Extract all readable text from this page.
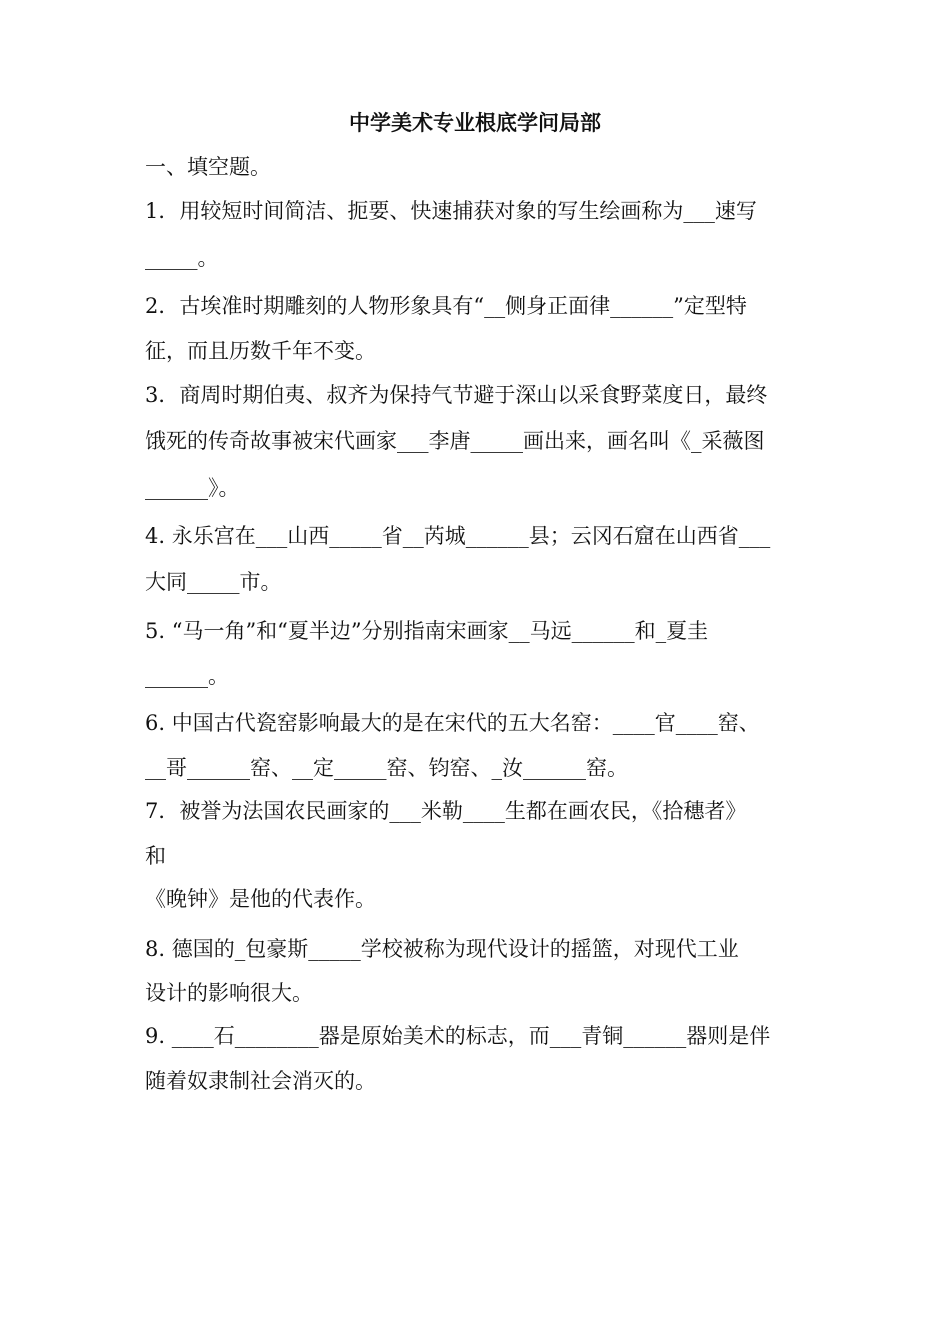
中学美术专业根底学问局部
一、填空题。
1．用较短时间简洁、扼要、快速捕获对象的写生绘画称为___速写
_____。
2．古埃准时期雕刻的人物形象具有“__侧身正面律______”定型特
征，而且历数千年不变。
3．商周时期伯夷、叔齐为保持气节避于深山以采食野菜度日，最终
饿死的传奇故事被宋代画家___李唐_____画出来，画名叫《_采薇图
______》。
4. 永乐宫在___山西_____省__芮城______县；云冈石窟在山西省___
大同_____市。
5. “马一角”和“夏半边”分别指南宋画家__马远______和_夏圭
______。
6. 中国古代瓷窑影响最大的是在宋代的五大名窑：____官____窑、
__哥______窑、__定_____窑、钧窑、_汝______窑。
7．被誉为法国农民画家的___米勒____生都在画农民，《拾穗者》
和
《晚钟》是他的代表作。
8. 德国的_包豪斯_____学校被称为现代设计的摇篮，对现代工业
设计的影响很大。
9. ____石________器是原始美术的标志，而___青铜______器则是伴
随着奴隶制社会消灭的。
